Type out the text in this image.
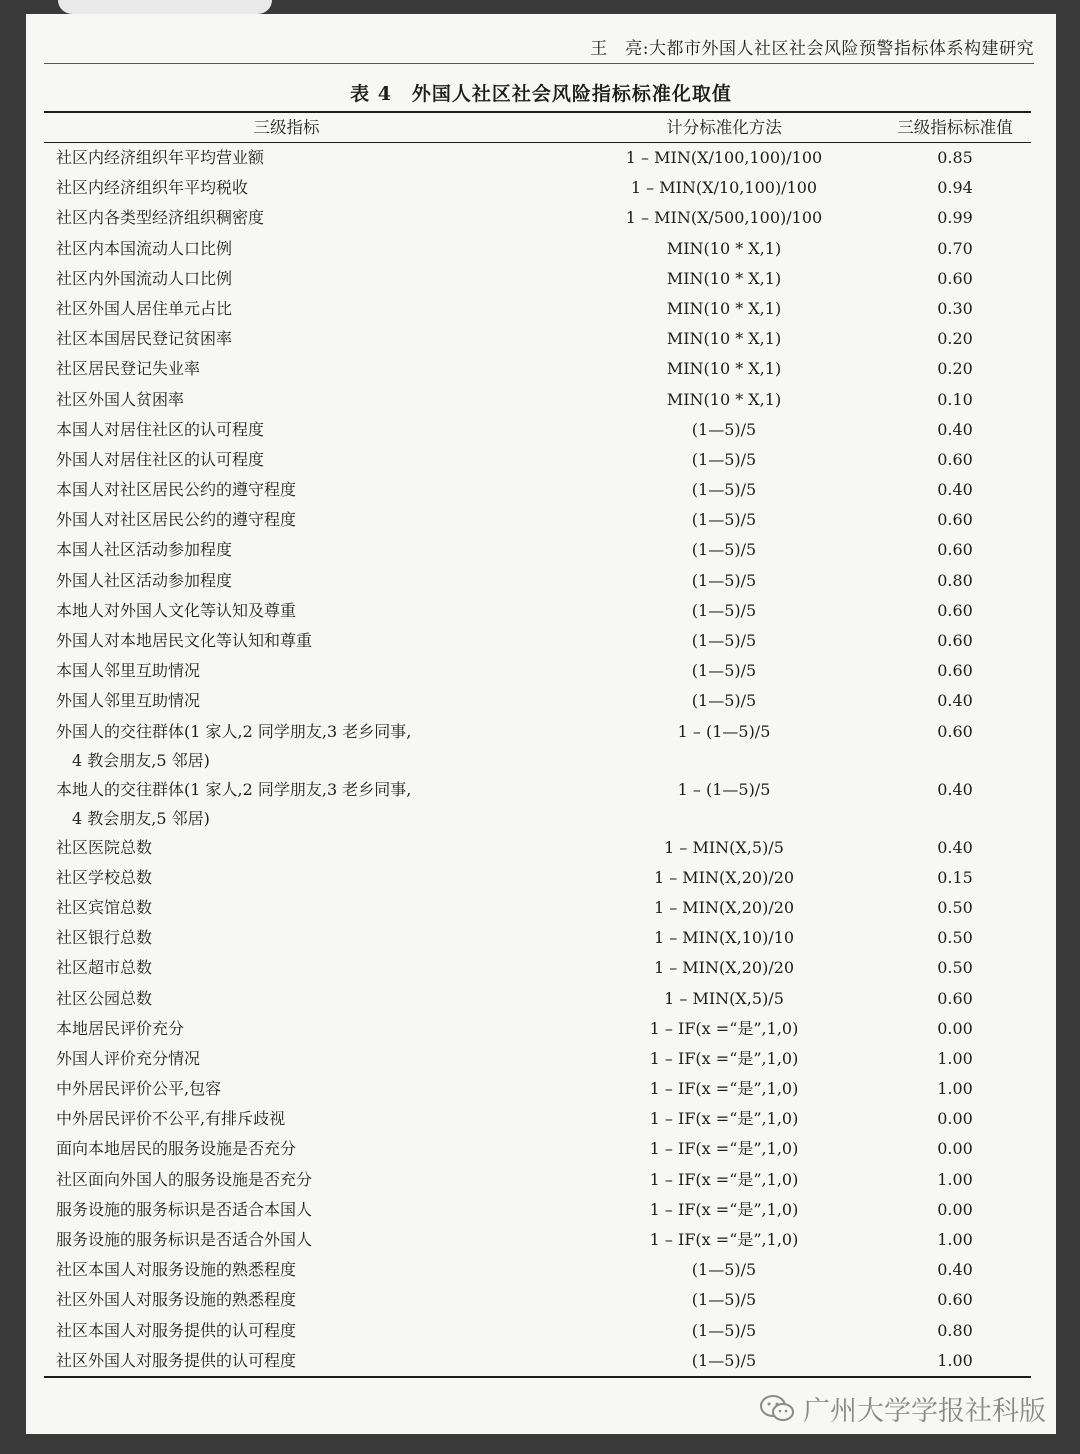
王　亮:大都市外国人社区社会风险预警指标体系构建研究
表 4　外国人社区社会风险指标标准化取值
三级指标	计分标准化方法	三级指标标准值
社区内经济组织年平均营业额	1 – MIN(X/100,100)/100	0.85
社区内经济组织年平均税收	1 – MIN(X/10,100)/100	0.94
社区内各类型经济组织稠密度	1 – MIN(X/500,100)/100	0.99
社区内本国流动人口比例	MIN(10 * X,1)	0.70
社区内外国流动人口比例	MIN(10 * X,1)	0.60
社区外国人居住单元占比	MIN(10 * X,1)	0.30
社区本国居民登记贫困率	MIN(10 * X,1)	0.20
社区居民登记失业率	MIN(10 * X,1)	0.20
社区外国人贫困率	MIN(10 * X,1)	0.10
本国人对居住社区的认可程度	(1—5)/5	0.40
外国人对居住社区的认可程度	(1—5)/5	0.60
本国人对社区居民公约的遵守程度	(1—5)/5	0.40
外国人对社区居民公约的遵守程度	(1—5)/5	0.60
本国人社区活动参加程度	(1—5)/5	0.60
外国人社区活动参加程度	(1—5)/5	0.80
本地人对外国人文化等认知及尊重	(1—5)/5	0.60
外国人对本地居民文化等认知和尊重	(1—5)/5	0.60
本国人邻里互助情况	(1—5)/5	0.60
外国人邻里互助情况	(1—5)/5	0.40
外国人的交往群体(1 家人,2 同学朋友,3 老乡同事,
4 教会朋友,5 邻居)
1 – (1—5)/5	0.60
本地人的交往群体(1 家人,2 同学朋友,3 老乡同事,
4 教会朋友,5 邻居)
1 – (1—5)/5	0.40
社区医院总数	1 – MIN(X,5)/5	0.40
社区学校总数	1 – MIN(X,20)/20	0.15
社区宾馆总数	1 – MIN(X,20)/20	0.50
社区银行总数	1 – MIN(X,10)/10	0.50
社区超市总数	1 – MIN(X,20)/20	0.50
社区公园总数	1 – MIN(X,5)/5	0.60
本地居民评价充分	1 – IF(x =“是”,1,0)	0.00
外国人评价充分情况	1 – IF(x =“是”,1,0)	1.00
中外居民评价公平,包容	1 – IF(x =“是”,1,0)	1.00
中外居民评价不公平,有排斥歧视	1 – IF(x =“是”,1,0)	0.00
面向本地居民的服务设施是否充分	1 – IF(x =“是”,1,0)	0.00
社区面向外国人的服务设施是否充分	1 – IF(x =“是”,1,0)	1.00
服务设施的服务标识是否适合本国人	1 – IF(x =“是”,1,0)	0.00
服务设施的服务标识是否适合外国人	1 – IF(x =“是”,1,0)	1.00
社区本国人对服务设施的熟悉程度	(1—5)/5	0.40
社区外国人对服务设施的熟悉程度	(1—5)/5	0.60
社区本国人对服务提供的认可程度	(1—5)/5	0.80
社区外国人对服务提供的认可程度	(1—5)/5	1.00
广州大学学报社科版
